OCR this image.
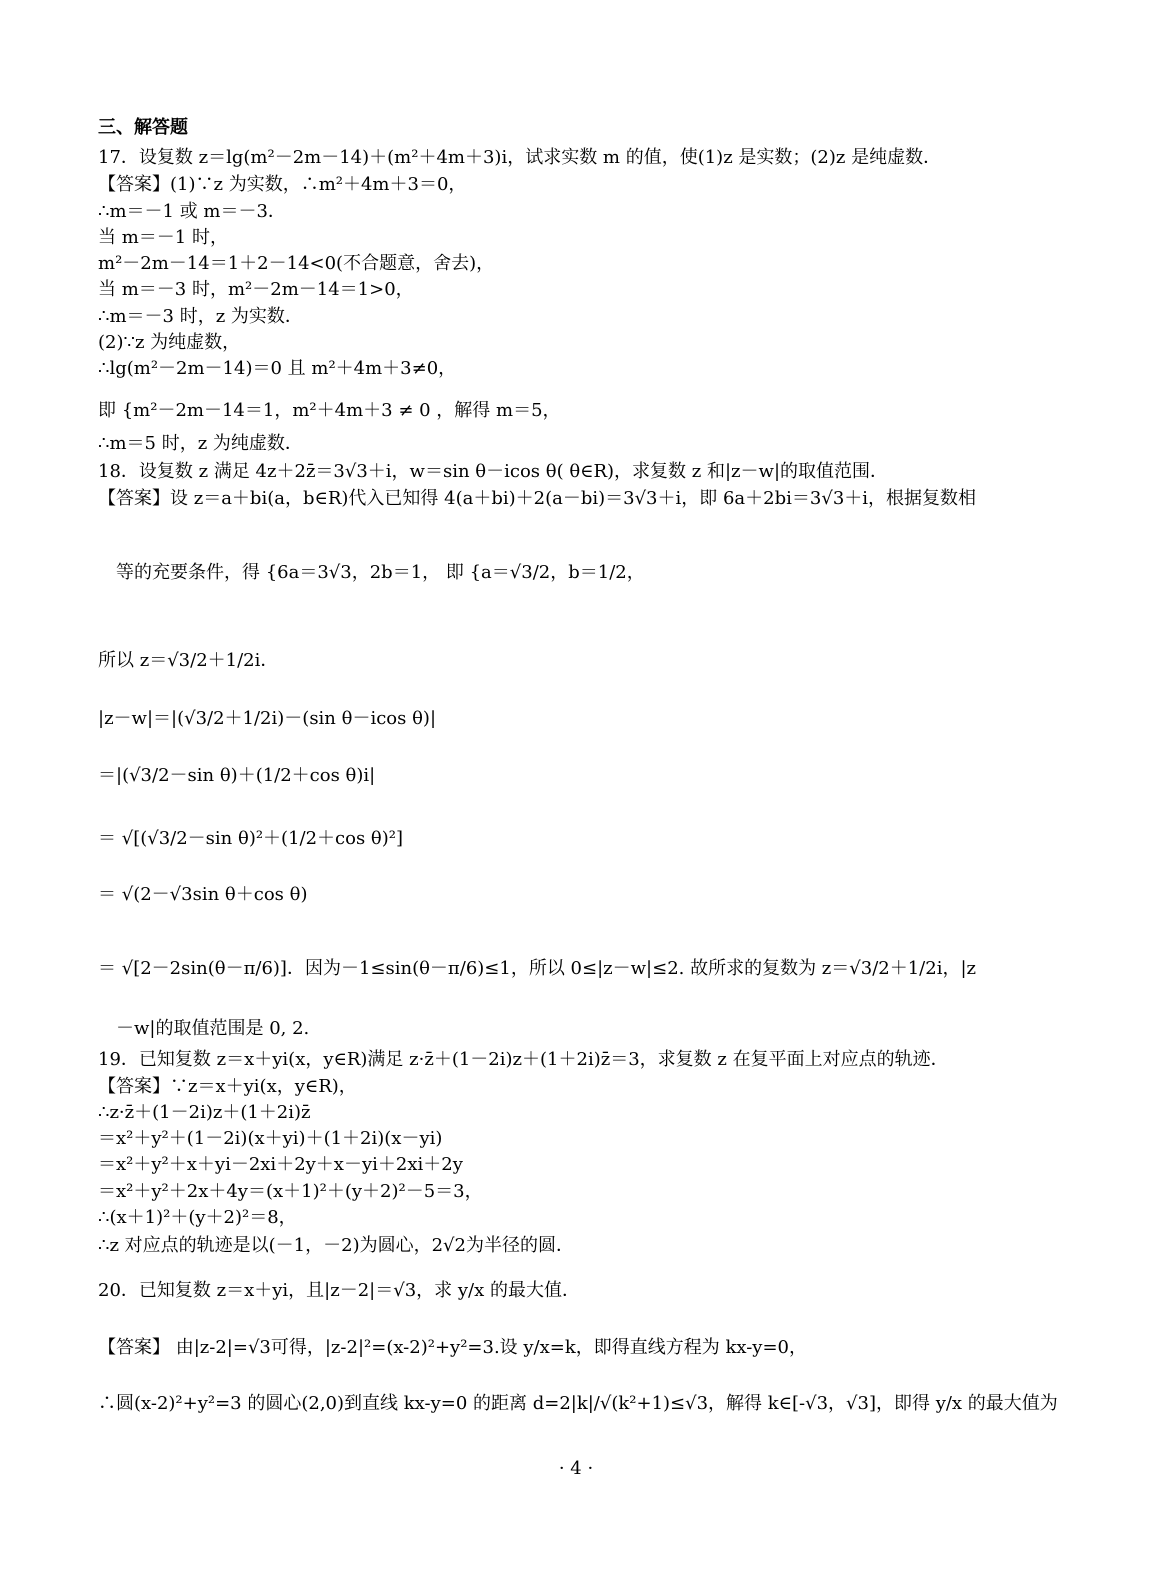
三、解答题
17．设复数 z＝lg(m²－2m－14)＋(m²＋4m＋3)i，试求实数 m 的值，使(1)z 是实数；(2)z 是纯虚数．
【答案】(1)∵z 为实数，∴m²＋4m＋3＝0，
∴m＝－1 或 m＝－3．
当 m＝－1 时，
m²－2m－14＝1＋2－14<0(不合题意，舍去)，
当 m＝－3 时，m²－2m－14＝1>0，
∴m＝－3 时，z 为实数．
(2)∵z 为纯虚数，
∴lg(m²－2m－14)＝0 且 m²＋4m＋3≠0，
即 {m²－2m－14＝1，m²＋4m＋3 ≠ 0 ，解得 m＝5，
∴m＝5 时，z 为纯虚数．
18．设复数 z 满足 4z＋2z̄＝3√3＋i，w＝sin θ－icos θ( θ∈R)，求复数 z 和|z－w|的取值范围．
【答案】设 z＝a＋bi(a，b∈R)代入已知得 4(a＋bi)＋2(a－bi)＝3√3＋i，即 6a＋2bi＝3√3＋i，根据复数相
　等的充要条件，得 {6a＝3√3，2b＝1， 即 {a＝√3/2，b＝1/2，
所以 z＝√3/2＋1/2i．
|z－w|＝|(√3/2＋1/2i)－(sin θ－icos θ)|
＝|(√3/2－sin θ)＋(1/2＋cos θ)i|
＝ √[(√3/2－sin θ)²＋(1/2＋cos θ)²]
＝ √(2－√3sin θ＋cos θ)
＝ √[2－2sin(θ－π/6)]．因为－1≤sin(θ－π/6)≤1，所以 0≤|z－w|≤2. 故所求的复数为 z＝√3/2＋1/2i，|z
　－w|的取值范围是 0, 2.
19．已知复数 z＝x＋yi(x，y∈R)满足 z·z̄＋(1－2i)z＋(1＋2i)z̄＝3，求复数 z 在复平面上对应点的轨迹．
【答案】∵z＝x＋yi(x，y∈R)，
∴z·z̄＋(1－2i)z＋(1＋2i)z̄
＝x²＋y²＋(1－2i)(x＋yi)＋(1＋2i)(x－yi)
＝x²＋y²＋x＋yi－2xi＋2y＋x－yi＋2xi＋2y
＝x²＋y²＋2x＋4y＝(x＋1)²＋(y＋2)²－5＝3，
∴(x＋1)²＋(y＋2)²＝8，
∴z 对应点的轨迹是以(－1，－2)为圆心，2√2为半径的圆．
20．已知复数 z＝x＋yi，且|z－2|＝√3，求 y/x 的最大值．
【答案】 由|z-2|=√3可得，|z-2|²=(x-2)²+y²=3.设 y/x=k，即得直线方程为 kx-y=0，
∴圆(x-2)²+y²=3 的圆心(2,0)到直线 kx-y=0 的距离 d=2|k|/√(k²+1)≤√3，解得 k∈[-√3，√3]，即得 y/x 的最大值为
· 4 ·
